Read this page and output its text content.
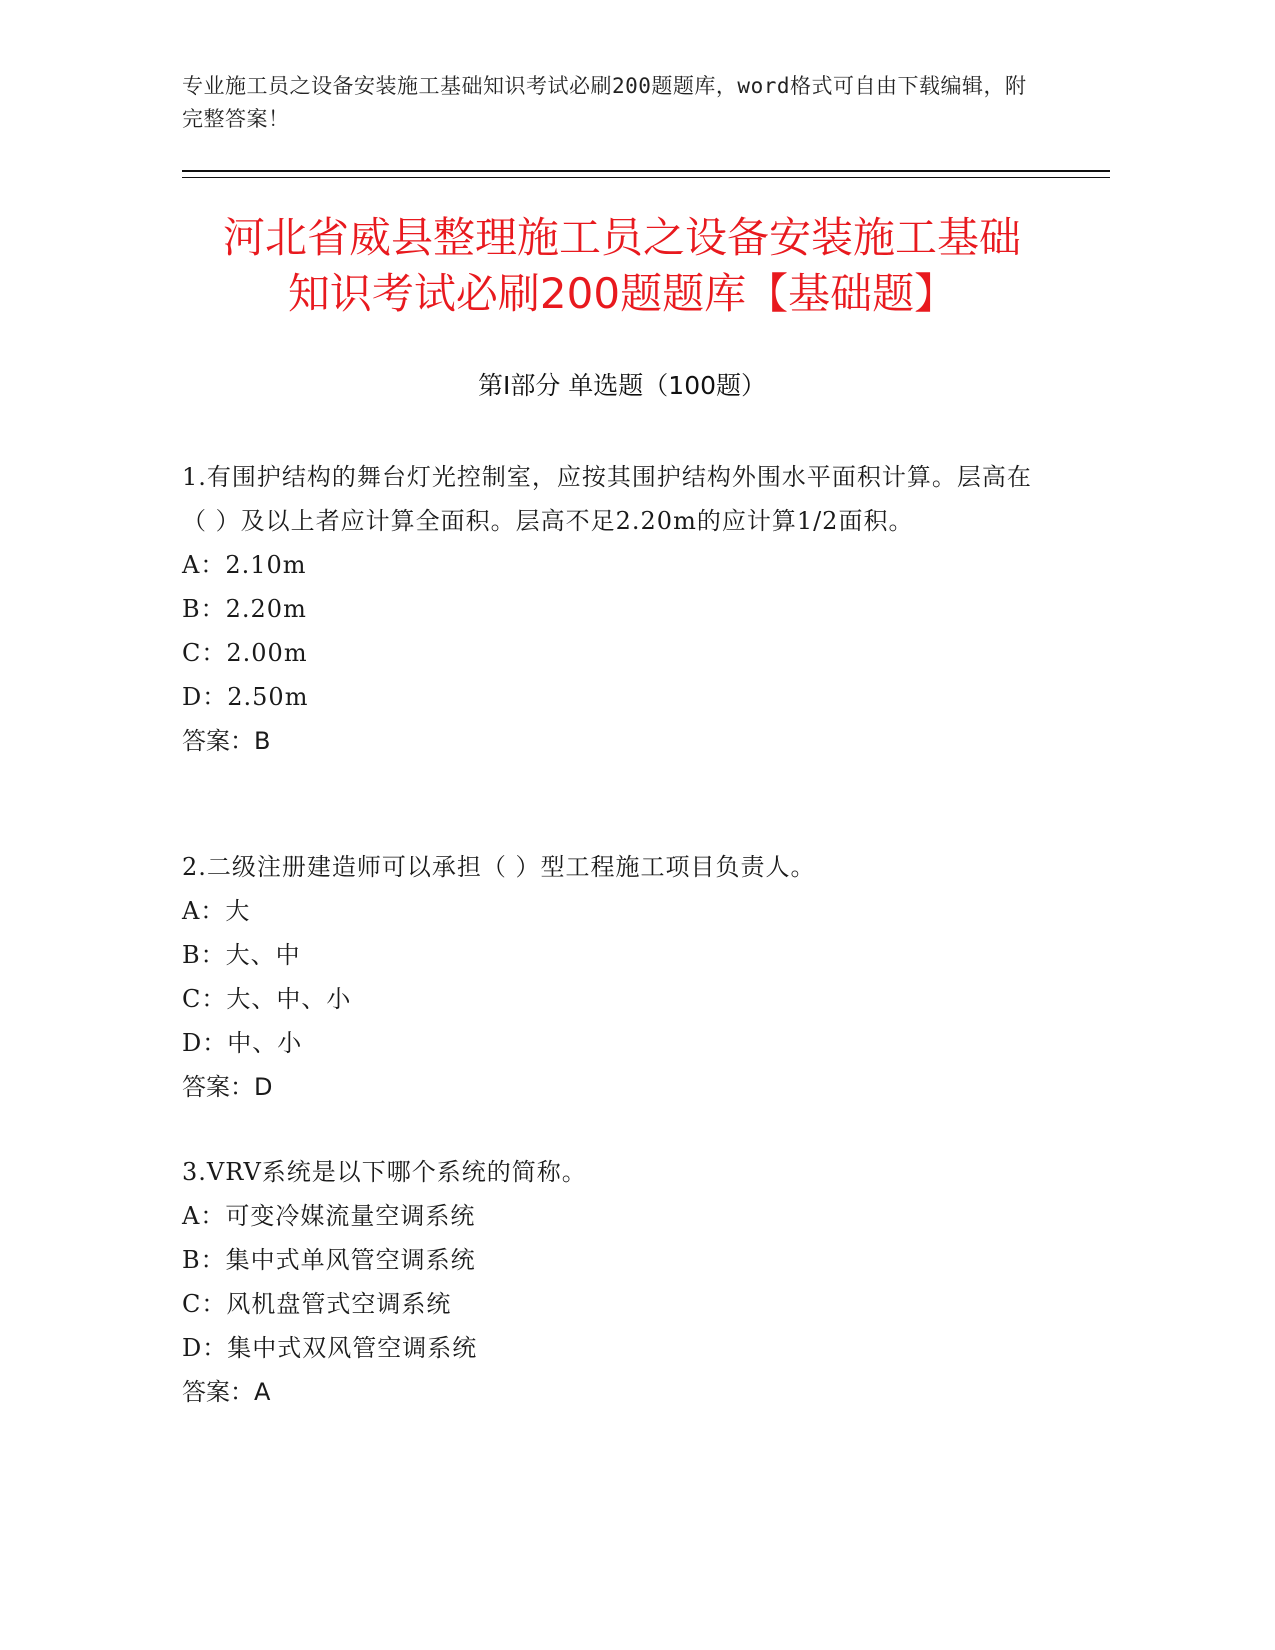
专业施工员之设备安装施工基础知识考试必刷200题题库，word格式可自由下载编辑，附完整答案！
河北省威县整理施工员之设备安装施工基础
知识考试必刷200题题库【基础题】
第Ⅰ部分 单选题（100题）
1.有围护结构的舞台灯光控制室，应按其围护结构外围水平面积计算。层高在（ ）及以上者应计算全面积。层高不足2.20m的应计算1/2面积。
A：2.10m
B：2.20m
C：2.00m
D：2.50m
答案：B
2.二级注册建造师可以承担（ ）型工程施工项目负责人。
A：大
B：大、中
C：大、中、小
D：中、小
答案：D
3.VRV系统是以下哪个系统的简称。
A：可变冷媒流量空调系统
B：集中式单风管空调系统
C：风机盘管式空调系统
D：集中式双风管空调系统
答案：A
